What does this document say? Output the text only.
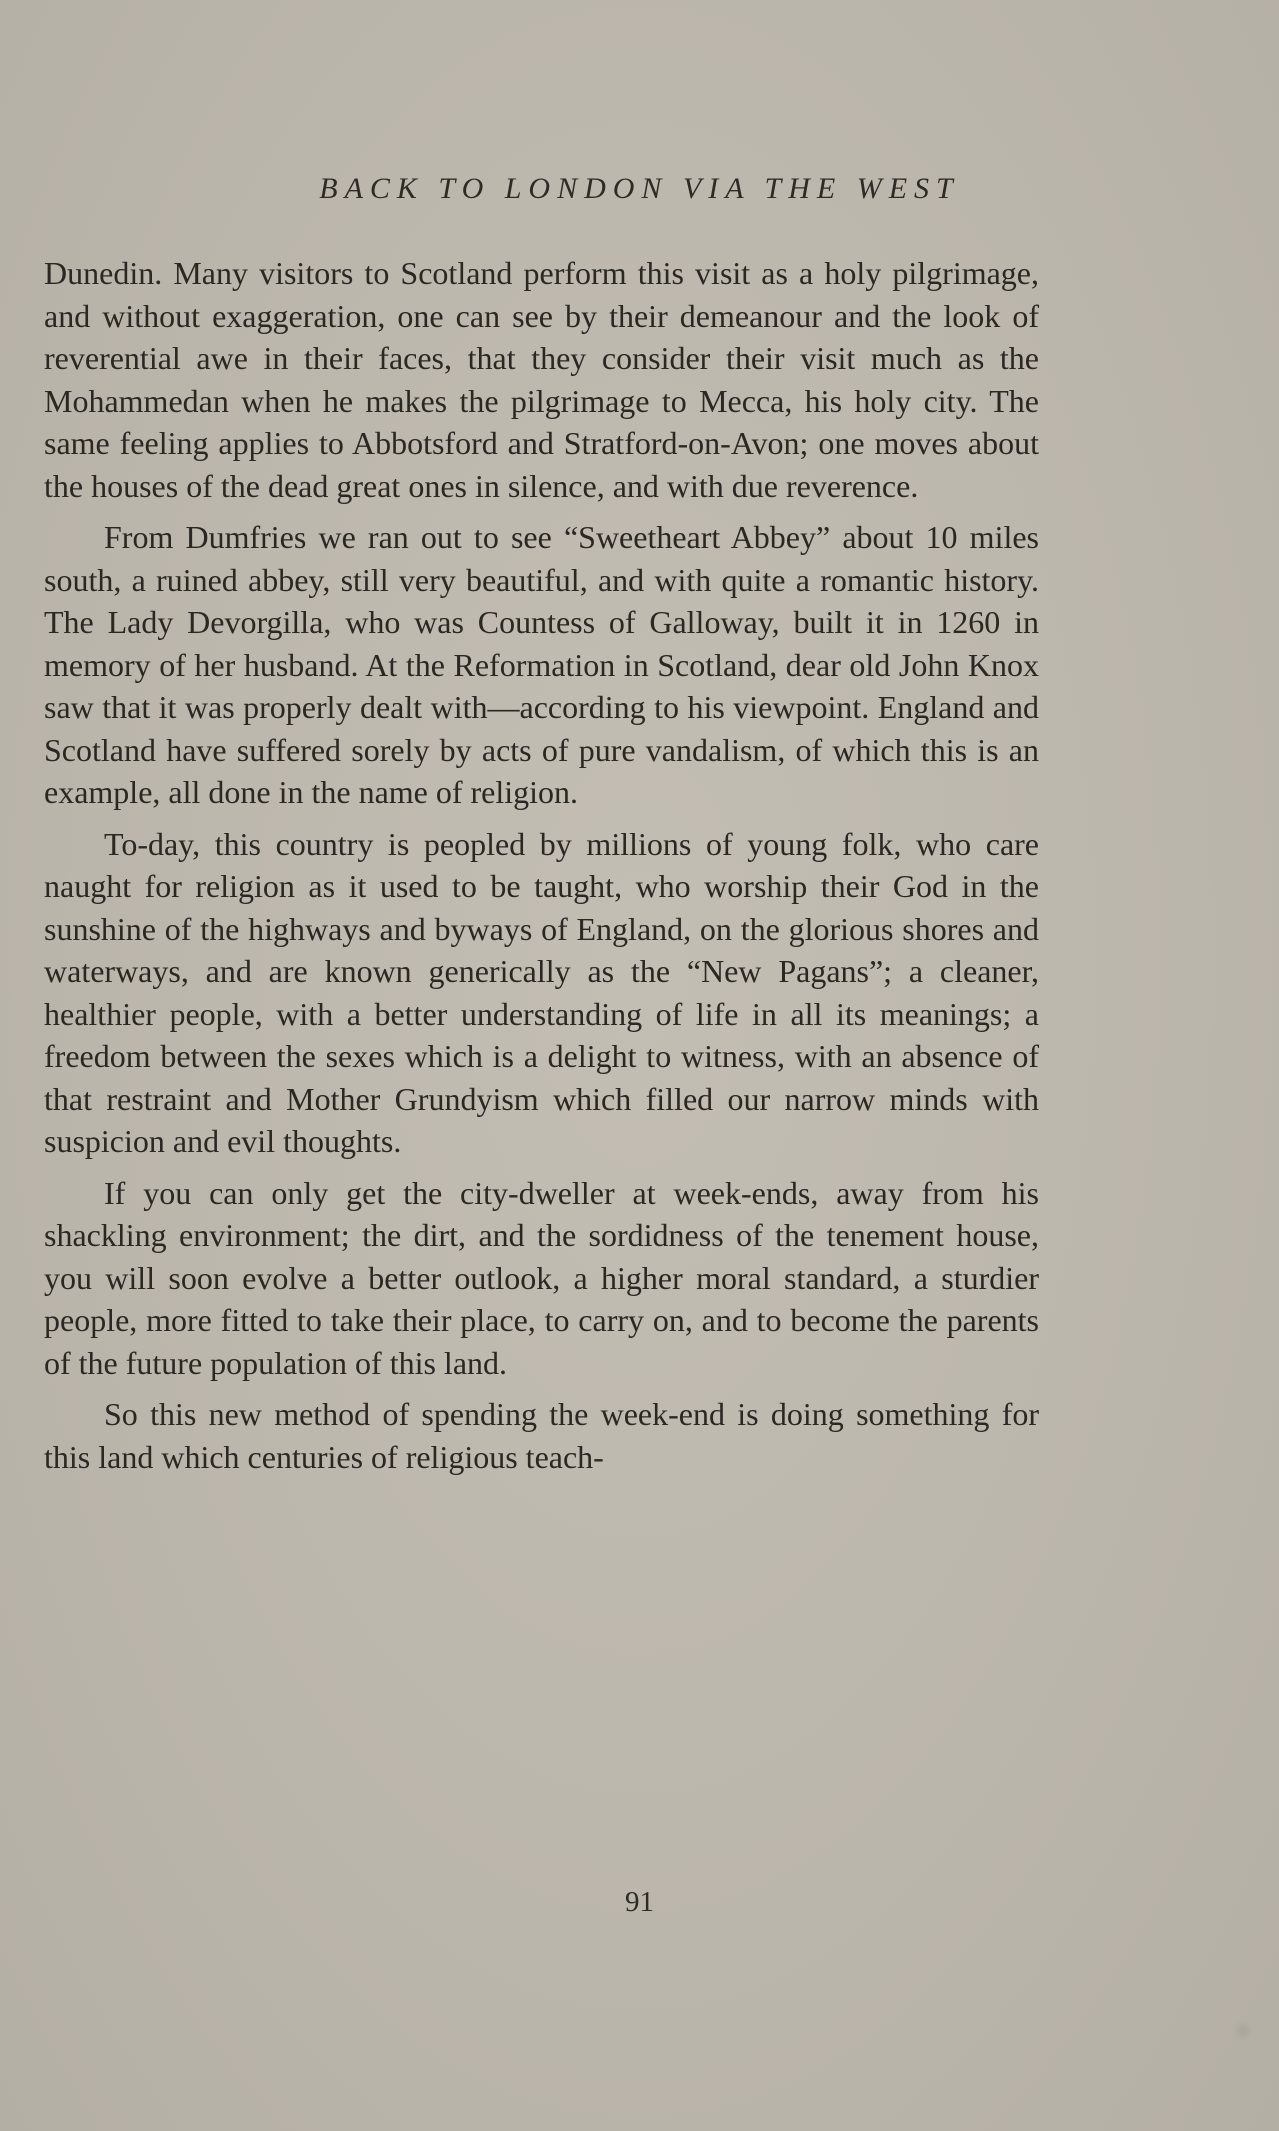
BACK TO LONDON VIA THE WEST

Dunedin. Many visitors to Scotland perform this visit as a holy pilgrimage, and without exaggeration, one can see by their demeanour and the look of reverential awe in their faces, that they consider their visit much as the Mohammedan when he makes the pilgrimage to Mecca, his holy city. The same feeling applies to Abbotsford and Stratford-on-Avon; one moves about the houses of the dead great ones in silence, and with due reverence.

From Dumfries we ran out to see “Sweetheart Abbey” about 10 miles south, a ruined abbey, still very beautiful, and with quite a romantic history. The Lady Devorgilla, who was Countess of Galloway, built it in 1260 in memory of her husband. At the Reformation in Scotland, dear old John Knox saw that it was properly dealt with—according to his viewpoint. England and Scotland have suffered sorely by acts of pure vandalism, of which this is an example, all done in the name of religion.

To-day, this country is peopled by millions of young folk, who care naught for religion as it used to be taught, who worship their God in the sunshine of the highways and byways of England, on the glorious shores and waterways, and are known generically as the “New Pagans”; a cleaner, healthier people, with a better understanding of life in all its meanings; a freedom between the sexes which is a delight to witness, with an absence of that restraint and Mother Grundyism which filled our narrow minds with suspicion and evil thoughts.

If you can only get the city-dweller at week-ends, away from his shackling environment; the dirt, and the sordidness of the tenement house, you will soon evolve a better outlook, a higher moral standard, a sturdier people, more fitted to take their place, to carry on, and to become the parents of the future population of this land.

So this new method of spending the week-end is doing something for this land which centuries of religious teach-

91
